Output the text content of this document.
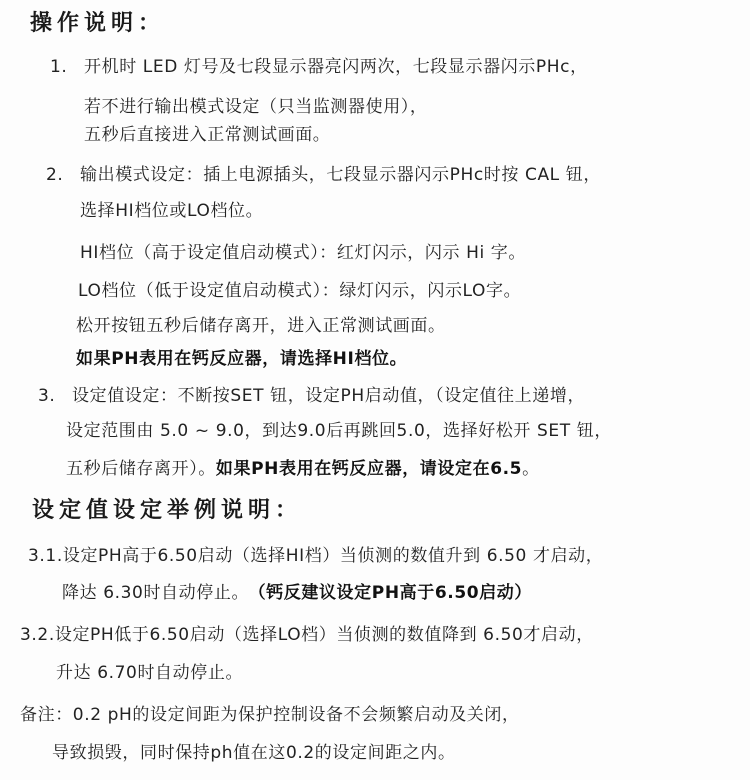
操作说明：
1. 开机时 LED 灯号及七段显示器亮闪两次，七段显示器闪示PHc，
若不进行输出模式设定（只当监测器使用），
五秒后直接进入正常测试画面。
2. 输出模式设定：插上电源插头，七段显示器闪示PHc时按 CAL 钮，
选择HI档位或LO档位。
HI档位（高于设定值启动模式）：红灯闪示，闪示 Hi 字。
LO档位（低于设定值启动模式）：绿灯闪示，闪示LO字。
松开按钮五秒后储存离开，进入正常测试画面。
如果PH表用在钙反应器，请选择HI档位。
3. 设定值设定：不断按SET 钮，设定PH启动值，（设定值往上递增，
设定范围由 5.0 ~ 9.0，到达9.0后再跳回5.0，选择好松开 SET 钮，
五秒后储存离开）。如果PH表用在钙反应器，请设定在6.5。
设定值设定举例说明：
3.1.设定PH高于6.50启动（选择HI档）当侦测的数值升到 6.50 才启动，
降达 6.30时自动停止。 （钙反建议设定PH高于6.50启动）
3.2.设定PH低于6.50启动（选择LO档）当侦测的数值降到 6.50才启动，
升达 6.70时自动停止。
备注：0.2 pH的设定间距为保护控制设备不会频繁启动及关闭，
导致损毁，同时保持ph值在这0.2的设定间距之内。
